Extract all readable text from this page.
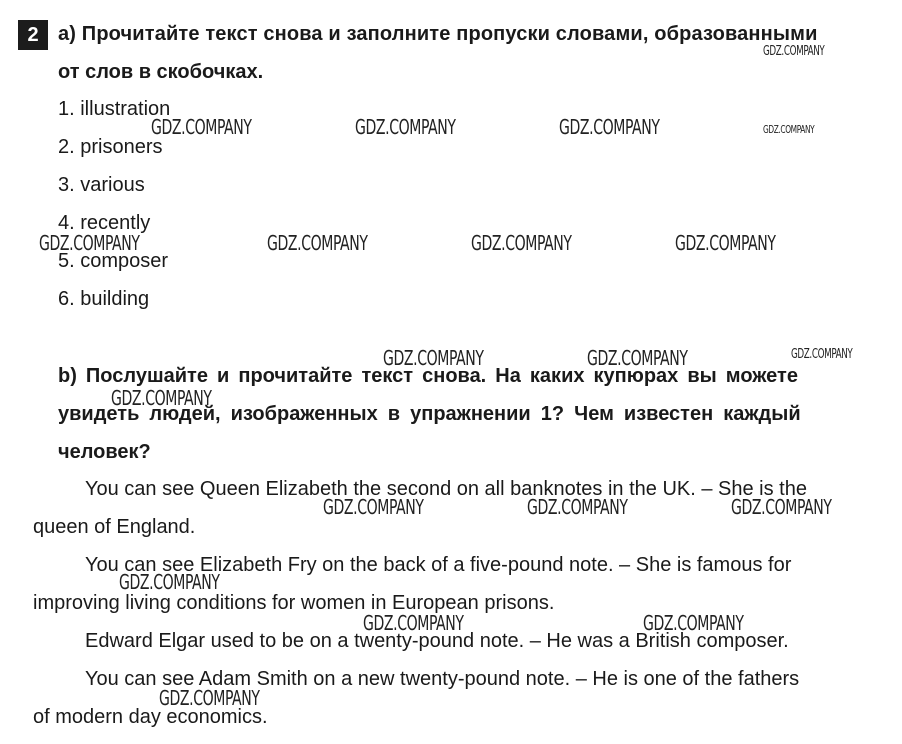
2 a) Прочитайте текст снова и заполните пропуски словами, образованными
от слов в скобочках.
1. illustration
2. prisoners
3. various
4. recently
5. composer
6. building
b) Послушайте и прочитайте текст снова. На каких купюрах вы можете
увидеть людей, изображенных в упражнении 1? Чем известен каждый
человек?
You can see Queen Elizabeth the second on all banknotes in the UK. – She is the
queen of England.
You can see Elizabeth Fry on the back of a five-pound note. – She is famous for
improving living conditions for women in European prisons.
Edward Elgar used to be on a twenty-pound note. – He was a British composer.
You can see Adam Smith on a new twenty-pound note. – He is one of the fathers
of modern day economics.
GDZ.COMPANY
GDZ.COMPANY	GDZ.COMPANY	GDZ.COMPANY	GDZ.COMPANY
GDZ.COMPANY	GDZ.COMPANY	GDZ.COMPANY	GDZ.COMPANY
GDZ.COMPANY	GDZ.COMPANY	GDZ.COMPANY
GDZ.COMPANY
GDZ.COMPANY	GDZ.COMPANY	GDZ.COMPANY
GDZ.COMPANY
GDZ.COMPANY	GDZ.COMPANY
GDZ.COMPANY
